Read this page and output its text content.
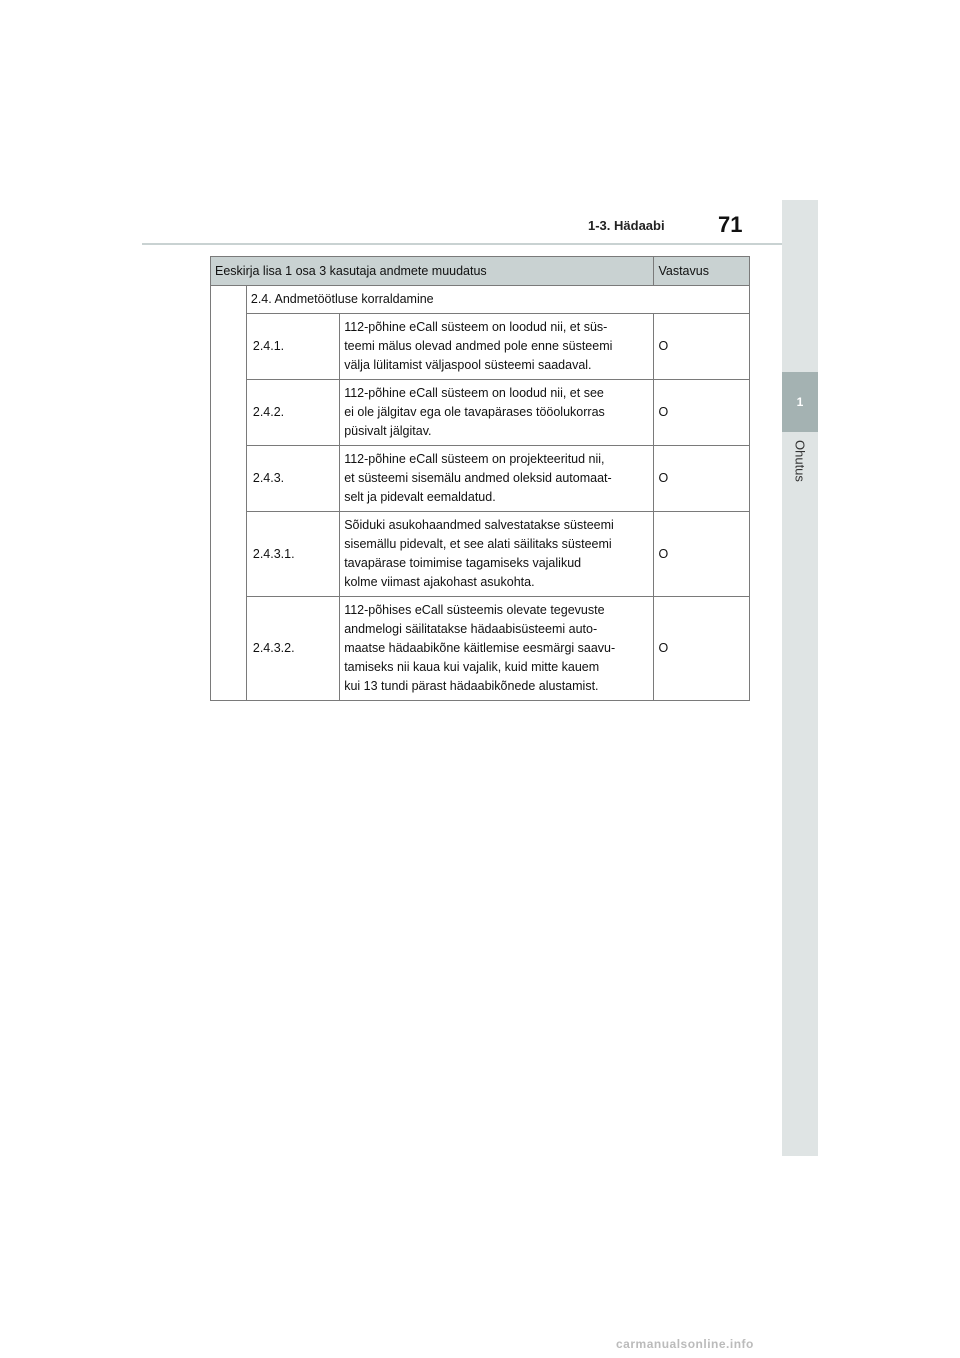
1-3. Hädaabi 71
1
Ohutus
Eeskirja lisa 1 osa 3 kasutaja andmete muudatus			Vastavus
	2.4. Andmetöötluse korraldamine		
	2.4.1.	112-põhine eCall süsteem on loodud nii, et süs-
teemi mälus olevad andmed pole enne süsteemi
välja lülitamist väljaspool süsteemi saadaval.	O
	2.4.2.	112-põhine eCall süsteem on loodud nii, et see
ei ole jälgitav ega ole tavapärases tööolukorras
püsivalt jälgitav.	O
	2.4.3.	112-põhine eCall süsteem on projekteeritud nii,
et süsteemi sisemälu andmed oleksid automaat-
selt ja pidevalt eemaldatud.	O
	2.4.3.1.	Sõiduki asukohaandmed salvestatakse süsteemi
sisemällu pidevalt, et see alati säilitaks süsteemi
tavapärase toimimise tagamiseks vajalikud
kolme viimast ajakohast asukohta.	O
	2.4.3.2.	112-põhises eCall süsteemis olevate tegevuste
andmelogi säilitatakse hädaabisüsteemi auto-
maatse hädaabikõne käitlemise eesmärgi saavu-
tamiseks nii kaua kui vajalik, kuid mitte kauem
kui 13 tundi pärast hädaabikõnede alustamist.	O
carmanualsonline.info
